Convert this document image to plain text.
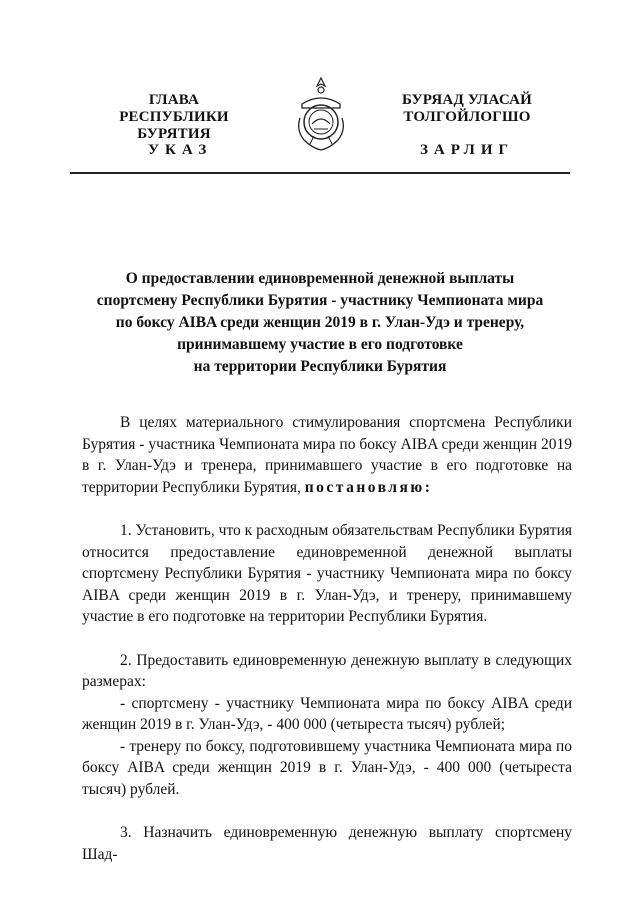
ГЛАВА
РЕСПУБЛИКИ БУРЯТИЯ
БУРЯАД УЛАСАЙ
ТОЛГОЙЛОГШО
УКАЗ	ЗАРЛИГ
О предоставлении единовременной денежной выплаты
спортсмену Республики Бурятия - участнику Чемпионата мира
по боксу AIBA среди женщин 2019 в г. Улан-Удэ и тренеру,
принимавшему участие в его подготовке
на территории Республики Бурятия

В целях материального стимулирования спортсмена Республики Бурятия - участника Чемпионата мира по боксу AIBA среди женщин 2019 в г. Улан-Удэ и тренера, принимавшего участие в его подготовке на территории Республики Бурятия, постановляю:

1. Установить, что к расходным обязательствам Республики Бурятия относится предоставление единовременной денежной выплаты спортсмену Республики Бурятия - участнику Чемпионата мира по боксу AIBA среди женщин 2019 в г. Улан-Удэ, и тренеру, принимавшему участие в его подготовке на территории Республики Бурятия.

2. Предоставить единовременную денежную выплату в следующих размерах:

- спортсмену - участнику Чемпионата мира по боксу AIBA среди женщин 2019 в г. Улан-Удэ, - 400 000 (четыреста тысяч) рублей;

- тренеру по боксу, подготовившему участника Чемпионата мира по боксу AIBA среди женщин 2019 в г. Улан-Удэ, - 400 000 (четыреста тысяч) рублей.

3. Назначить единовременную денежную выплату спортсмену Шад-
